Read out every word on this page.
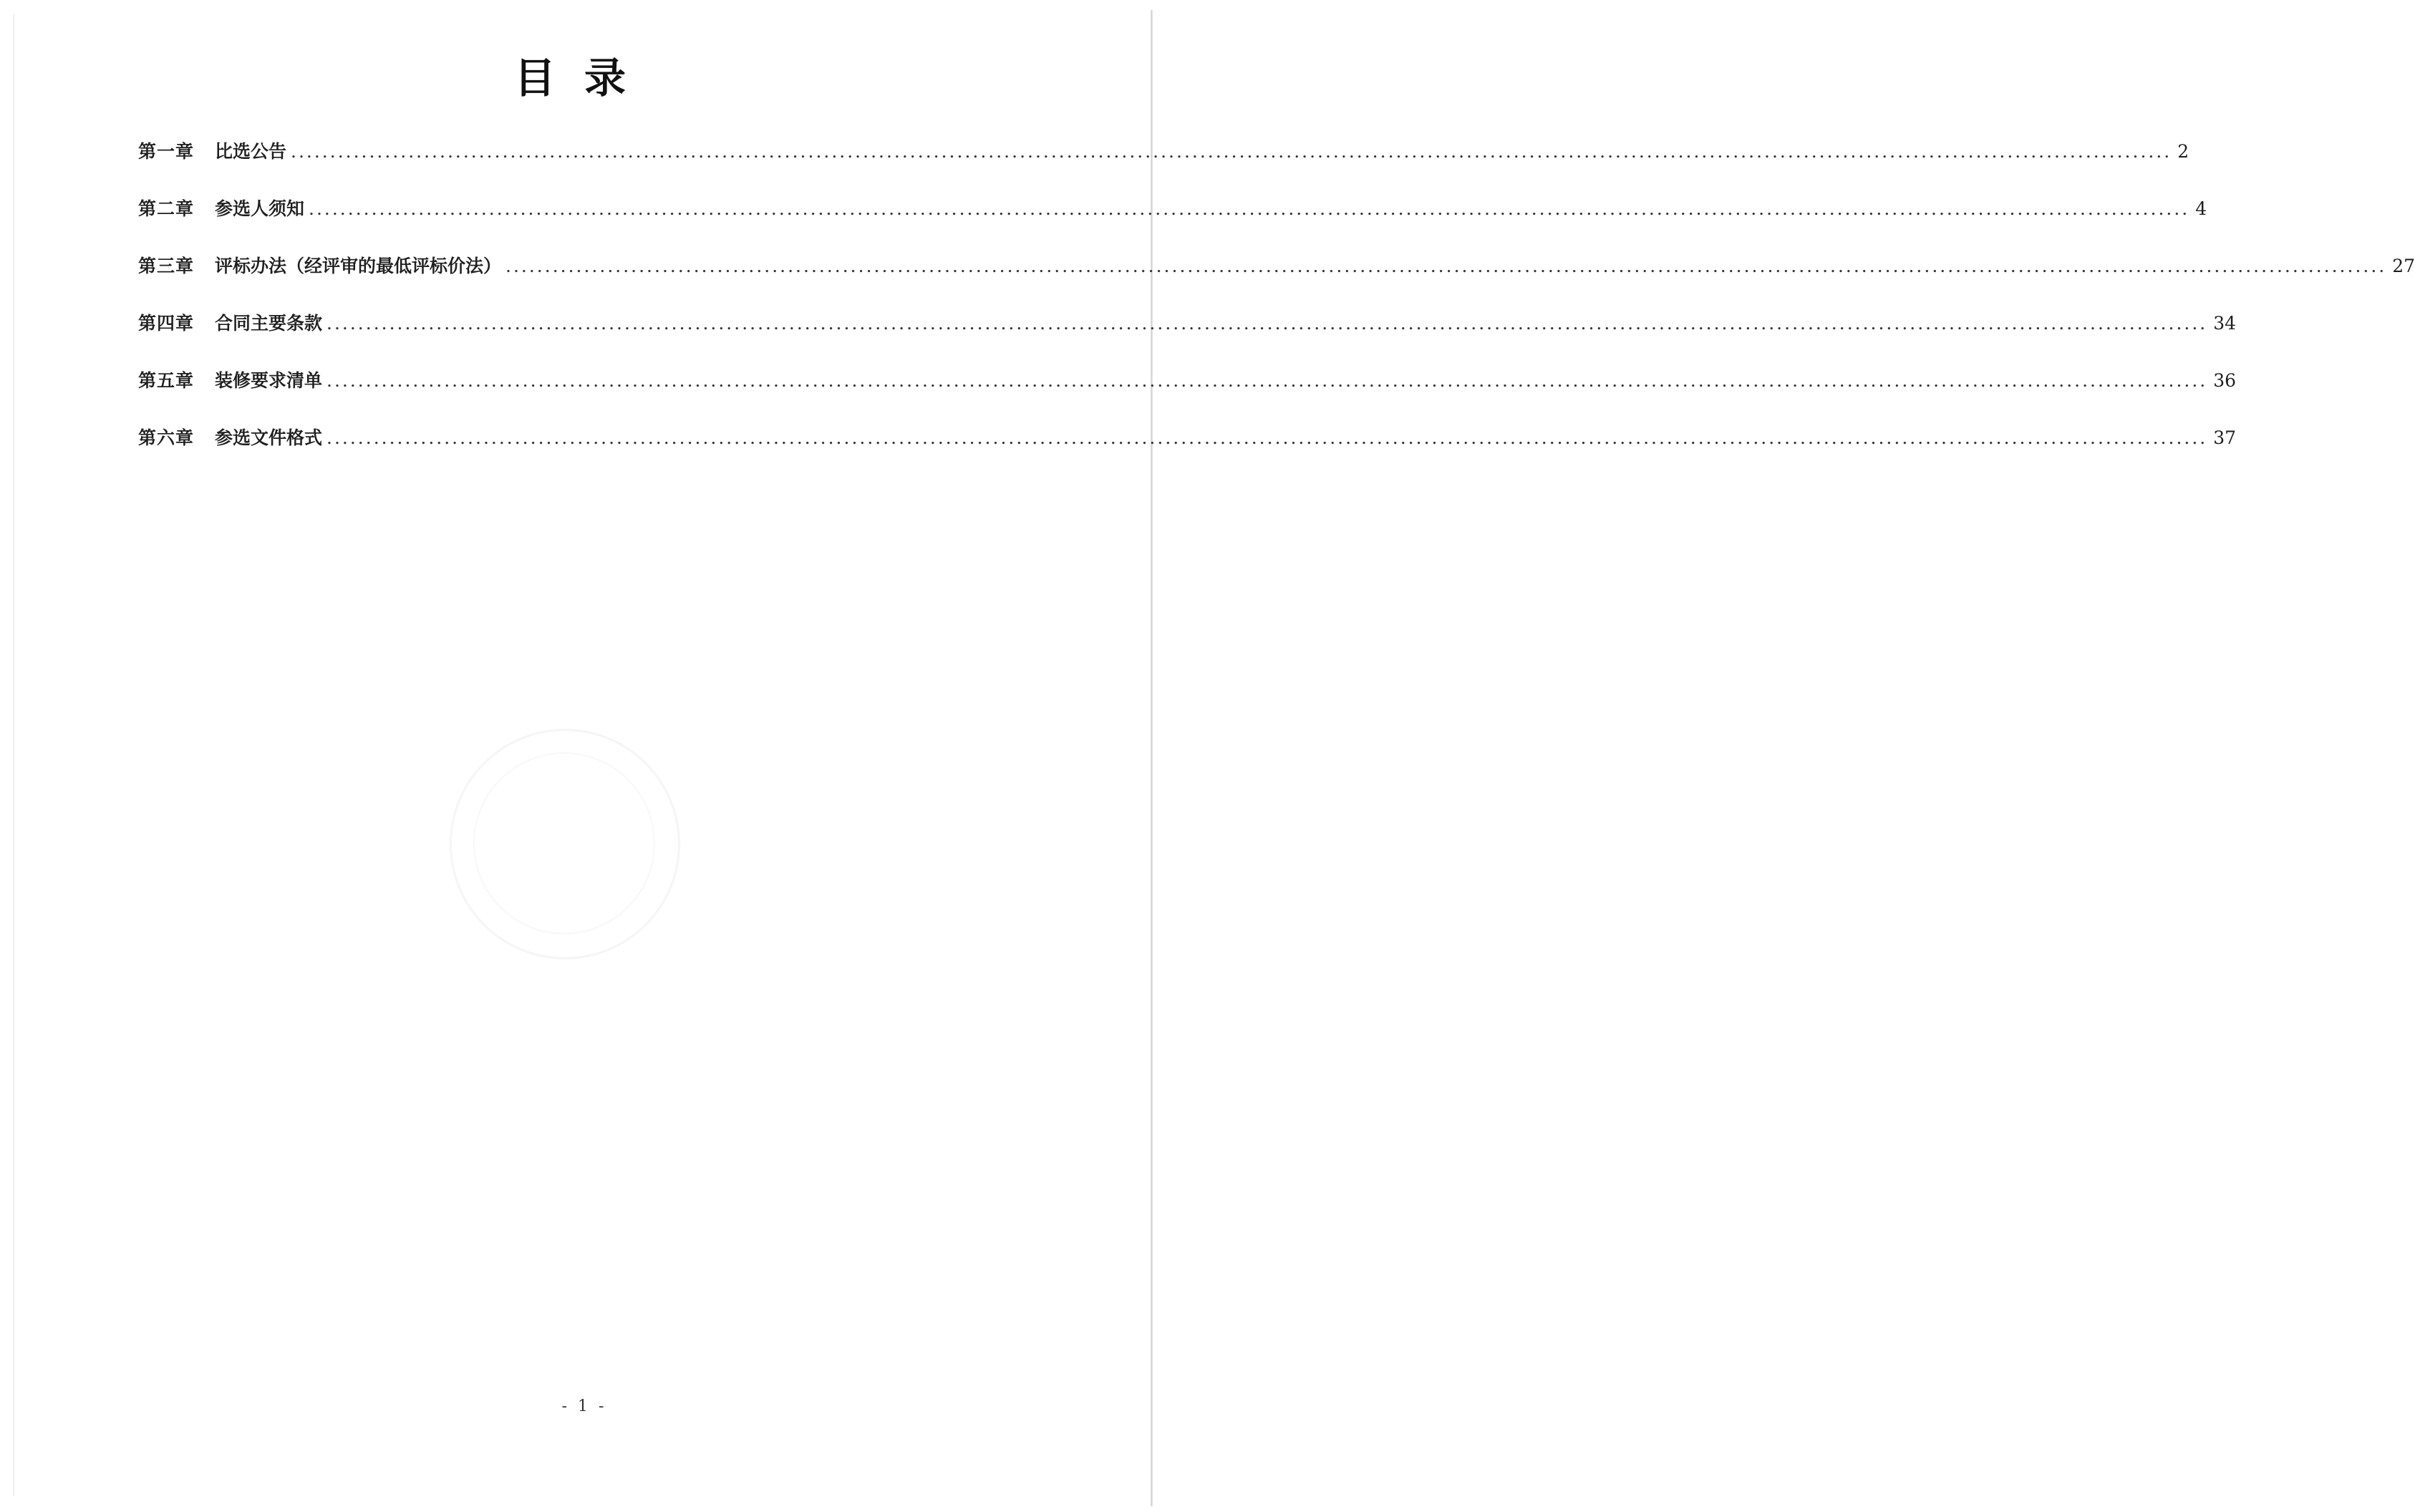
目录
第一章	比选公告 ................................................................................................................................................................................................................................................ 2
第二章	参选人须知 ................................................................................................................................................................................................................................................ 4
第三章	评标办法（经评审的最低评标价法） ................................................................................................................................................................................................................................................ 27
第四章	合同主要条款 ................................................................................................................................................................................................................................................ 34
第五章	装修要求清单 ................................................................................................................................................................................................................................................ 36
第六章	参选文件格式 ................................................................................................................................................................................................................................................ 37
- 1 -
